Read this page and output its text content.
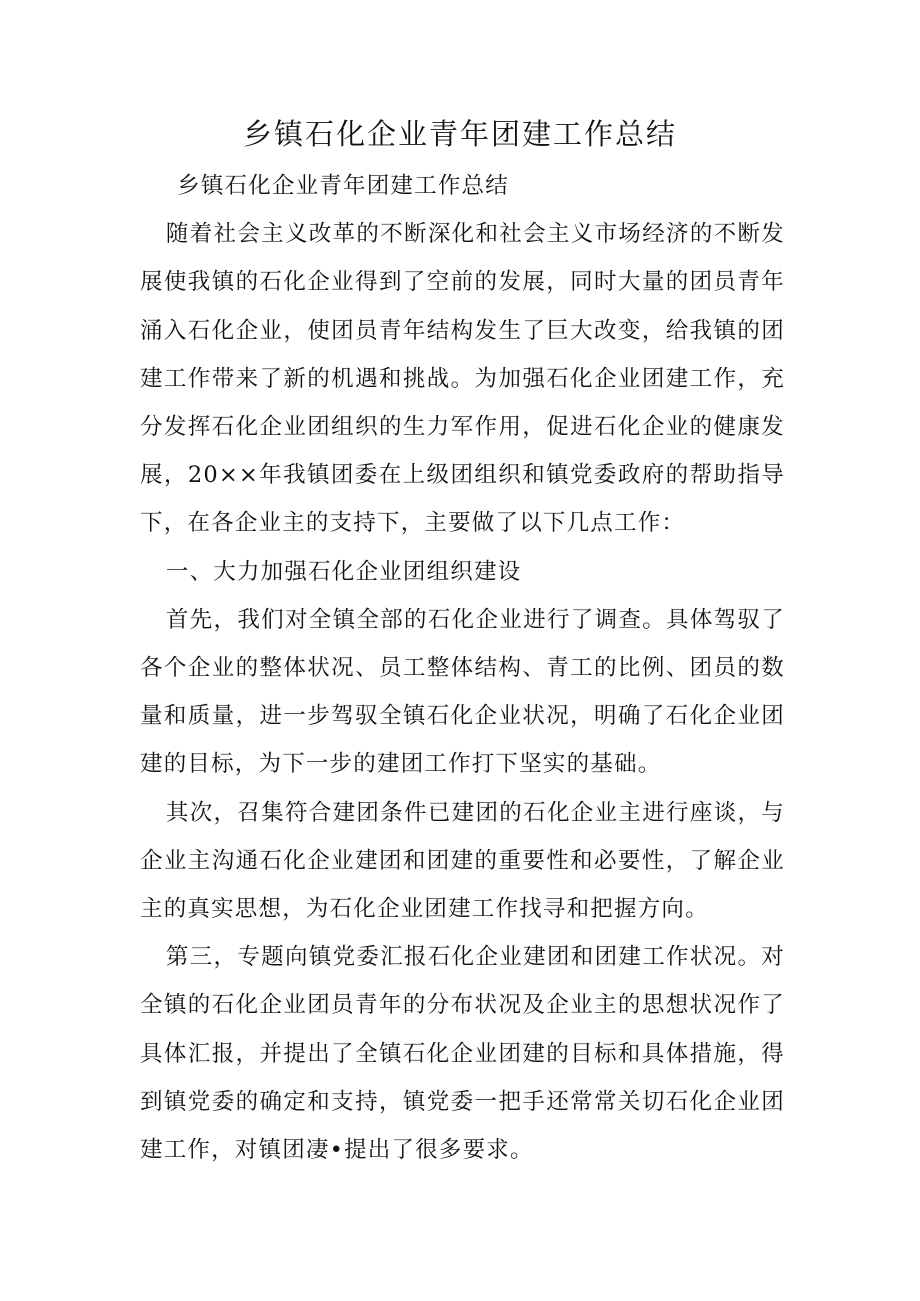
乡镇石化企业青年团建工作总结

乡镇石化企业青年团建工作总结

随着社会主义改革的不断深化和社会主义市场经济的不断发展使我镇的石化企业得到了空前的发展，同时大量的团员青年涌入石化企业，使团员青年结构发生了巨大改变，给我镇的团建工作带来了新的机遇和挑战。为加强石化企业团建工作，充分发挥石化企业团组织的生力军作用，促进石化企业的健康发展，20××年我镇团委在上级团组织和镇党委政府的帮助指导下，在各企业主的支持下，主要做了以下几点工作：

一、大力加强石化企业团组织建设

首先，我们对全镇全部的石化企业进行了调查。具体驾驭了各个企业的整体状况、员工整体结构、青工的比例、团员的数量和质量，进一步驾驭全镇石化企业状况，明确了石化企业团建的目标，为下一步的建团工作打下坚实的基础。

其次，召集符合建团条件已建团的石化企业主进行座谈，与企业主沟通石化企业建团和团建的重要性和必要性，了解企业主的真实思想，为石化企业团建工作找寻和把握方向。

第三，专题向镇党委汇报石化企业建团和团建工作状况。对全镇的石化企业团员青年的分布状况及企业主的思想状况作了具体汇报，并提出了全镇石化企业团建的目标和具体措施，得到镇党委的确定和支持，镇党委一把手还常常关切石化企业团建工作，对镇团凄•提出了很多要求。
